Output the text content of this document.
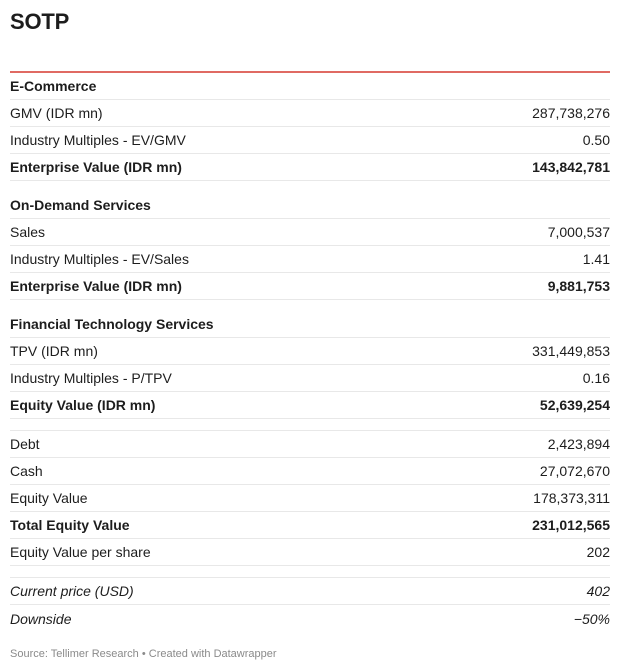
SOTP
E-Commerce
GMV (IDR mn)	287,738,276
Industry Multiples - EV/GMV	0.50
Enterprise Value (IDR mn)	143,842,781
On-Demand Services
Sales	7,000,537
Industry Multiples - EV/Sales	1.41
Enterprise Value (IDR mn)	9,881,753
Financial Technology Services
TPV (IDR mn)	331,449,853
Industry Multiples - P/TPV	0.16
Equity Value (IDR mn)	52,639,254
Debt	2,423,894
Cash	27,072,670
Equity Value	178,373,311
Total Equity Value	231,012,565
Equity Value per share	202
Current price (USD)	402
Downside	−50%
Source: Tellimer Research • Created with Datawrapper
